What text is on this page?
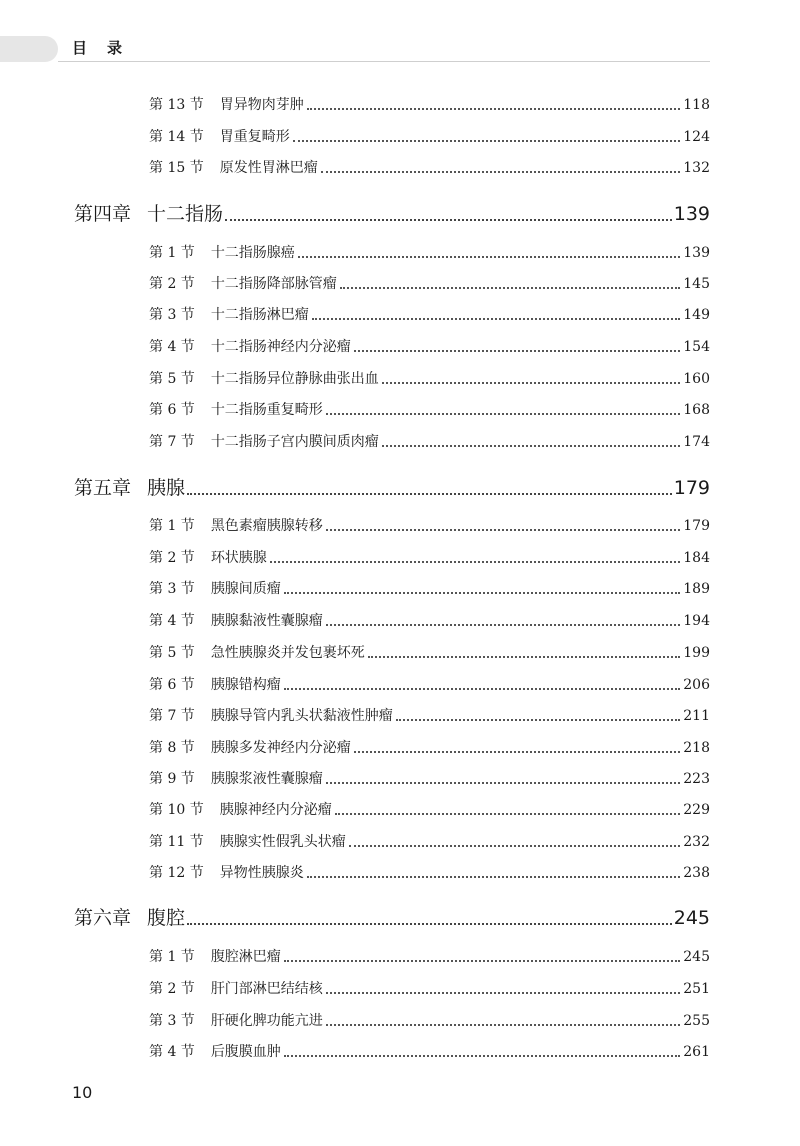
目录
第 13 节 胃异物肉芽肿	118
第 14 节 胃重复畸形	124
第 15 节 原发性胃淋巴瘤	132
第四章 十二指肠	139
第 1 节 十二指肠腺癌	139
第 2 节 十二指肠降部脉管瘤	145
第 3 节 十二指肠淋巴瘤	149
第 4 节 十二指肠神经内分泌瘤	154
第 5 节 十二指肠异位静脉曲张出血	160
第 6 节 十二指肠重复畸形	168
第 7 节 十二指肠子宫内膜间质肉瘤	174
第五章 胰腺	179
第 1 节 黑色素瘤胰腺转移	179
第 2 节 环状胰腺	184
第 3 节 胰腺间质瘤	189
第 4 节 胰腺黏液性囊腺瘤	194
第 5 节 急性胰腺炎并发包裹坏死	199
第 6 节 胰腺错构瘤	206
第 7 节 胰腺导管内乳头状黏液性肿瘤	211
第 8 节 胰腺多发神经内分泌瘤	218
第 9 节 胰腺浆液性囊腺瘤	223
第 10 节 胰腺神经内分泌瘤	229
第 11 节 胰腺实性假乳头状瘤	232
第 12 节 异物性胰腺炎	238
第六章 腹腔	245
第 1 节 腹腔淋巴瘤	245
第 2 节 肝门部淋巴结结核	251
第 3 节 肝硬化脾功能亢进	255
第 4 节 后腹膜血肿	261
10
